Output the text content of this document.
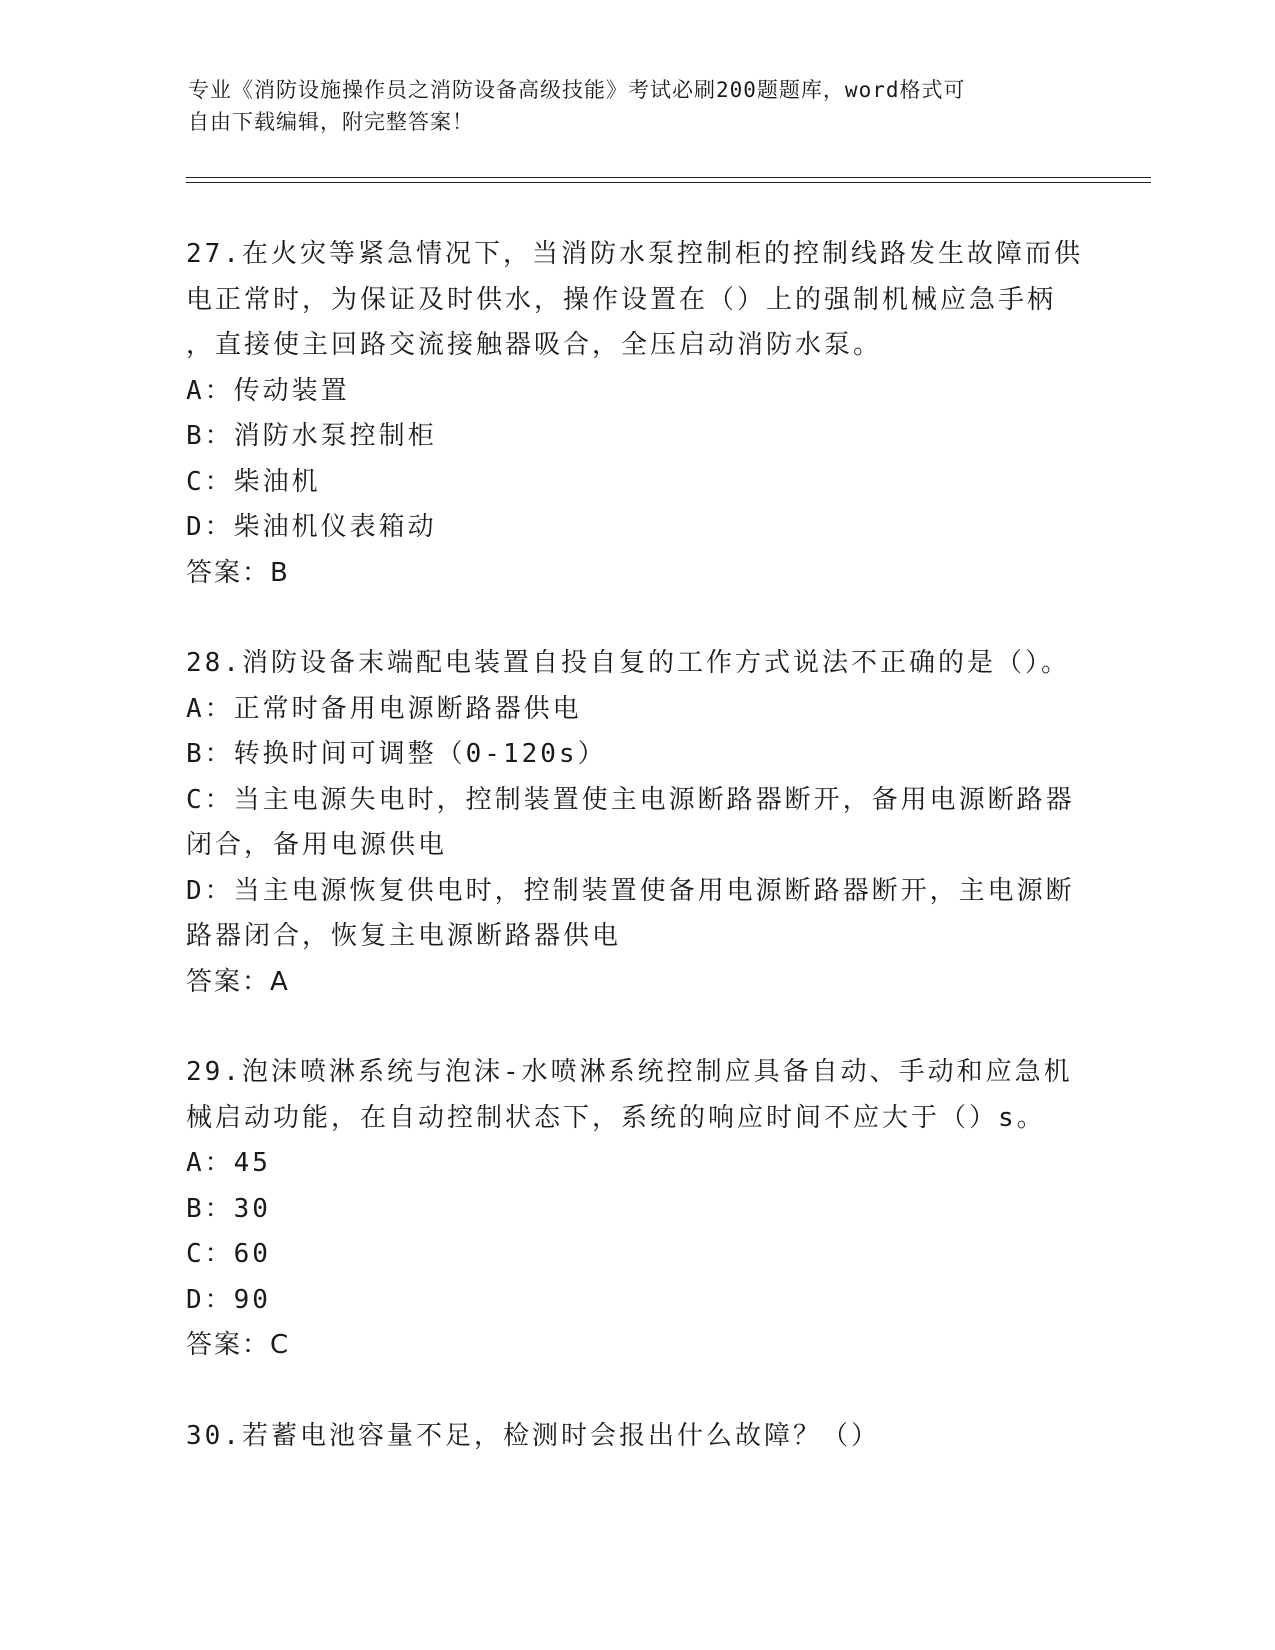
专业《消防设施操作员之消防设备高级技能》考试必刷200题题库，word格式可

自由下载编辑，附完整答案！

27.在火灾等紧急情况下，当消防水泵控制柜的控制线路发生故障而供

电正常时，为保证及时供水，操作设置在（）上的强制机械应急手柄

，直接使主回路交流接触器吸合，全压启动消防水泵。

A：传动装置

B：消防水泵控制柜

C：柴油机

D：柴油机仪表箱动

答案：B

28.消防设备末端配电装置自投自复的工作方式说法不正确的是（）。

A：正常时备用电源断路器供电

B：转换时间可调整（0-120s）

C：当主电源失电时，控制装置使主电源断路器断开，备用电源断路器

闭合，备用电源供电

D：当主电源恢复供电时，控制装置使备用电源断路器断开，主电源断

路器闭合，恢复主电源断路器供电

答案：A

29.泡沫喷淋系统与泡沫-水喷淋系统控制应具备自动、手动和应急机

械启动功能，在自动控制状态下，系统的响应时间不应大于（）s。

A：45

B：30

C：60

D：90

答案：C

30.若蓄电池容量不足，检测时会报出什么故障？（）
